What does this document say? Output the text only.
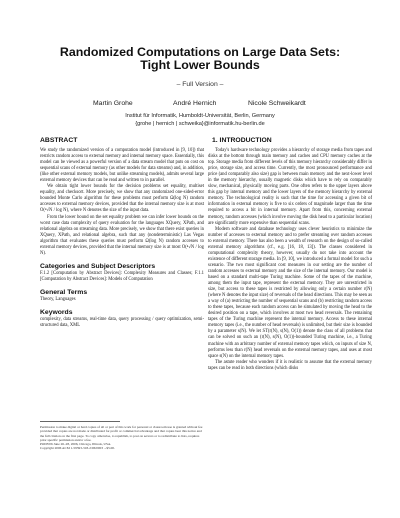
Randomized Computations on Large Data Sets:
Tight Lower Bounds
– Full Version –
Martin Grohe	André Hernich	Nicole Schweikardt
Institut für Informatik, Humboldt-Universität, Berlin, Germany
{grohe | hernich | schweika}@informatik.hu-berlin.de
ABSTRACT

We study the randomized version of a computation model (introduced in [9, 10]) that restricts random access to external memory and internal memory space. Essentially, this model can be viewed as a powerful version of a data stream model that puts on cost on sequential scans of external memory (as other models for data streams) and, in addition, (like other external memory models, but unlike streaming models), admits several large external memory devices that can be read and written to in parallel.

We obtain tight lower bounds for the decision problems set equality, multiset equality, and checksort. More precisely, we show that any randomized one-sided-error bounded Monte Carlo algorithm for these problems must perform Ω(log N) random accesses to external memory devices, provided that the internal memory size is at most O(⁴√N / log N), where N denotes the size of the input data.

From the lower bound on the set equality problem we can infer lower bounds on the worst case data complexity of query evaluation for the languages XQuery, XPath, and relational algebra on streaming data. More precisely, we show that there exist queries in XQuery, XPath, and relational algebra, such that any (nondeterministic) Las Vegas algorithm that evaluates these queries must perform Ω(log N) random accesses to external memory devices, provided that the internal memory size is at most O(⁴√N / log N).

Categories and Subject Descriptors

F.1.2 [Computation by Abstract Devices]: Complexity Measures and Classes; F.1.1 [Computation by Abstract Devices]: Models of Computation

General Terms

Theory, Languages

Keywords

complexity, data streams, real-time data, query processing / query optimization, semi-structured data, XML

Permission to make digital or hard copies of all or part of this work for personal or classroom use is granted without fee provided that copies are not made or distributed for profit or commercial advantage and that copies bear this notice and the full citation on the first page. To copy otherwise, to republish, to post on servers or to redistribute to lists, requires prior specific permission and/or a fee.

PODS'06 June 26–28, 2006, Chicago, Illinois, USA.

Copyright 2006 ACM 1-59593-318-2/06/0003 ...$5.00.

1. INTRODUCTION

Today's hardware technology provides a hierarchy of storage media from tapes and disks at the bottom through main memory and caches and CPU memory caches at the top. Storage media from different levels of this memory hierarchy considerably differ in price, storage size, and access time. Currently, the most pronounced performance and price (and comparably also size) gap is between main memory and the next-lower level in the memory hierarchy, usually magnetic disks which have to rely on comparably slow, mechanical, physically moving parts. One often refers to the upper layers above this gap by internal memory and the lower layers of the memory hierarchy by external memory. The technological reality is such that the time for accessing a given bit of information in external memory is five to six orders of magnitude larger than the time required to access a bit in internal memory. Apart from this, concerning external memory, random accesses (which involve moving the disk head to a particular location) are significantly more expensive than sequential scans.

Modern software and database technology uses clever heuristics to minimize the number of accesses to external memory and to prefer streaming over random accesses to external memory. There has also been a wealth of research on the design of so-called external memory algorithms (cf., e.g. [16, 18, 13]). The classes considered in computational complexity theory, however, usually do not take into account the existence of different storage media. In [9, 10], we introduced a formal model for such a scenario. The two most significant cost measures in our setting are the number of random accesses to external memory and the size of the internal memory. Our model is based on a standard multi-tape Turing machine. Some of the tapes of the machine, among them the input tape, represent the external memory. They are unrestricted in size, but access to these tapes is restricted by allowing only a certain number r(N) (where N denotes the input size) of reversals of the head directions. This may be seen as a way of (a) restricting the number of sequential scans and (b) restricting random access to these tapes, because each random access can be simulated by moving the head to the desired position on a tape, which involves at most two head reversals. The remaining tapes of the Turing machine represent the internal memory. Access to these internal memory tapes (i.e., the number of head reversals) is unlimited, but their size is bounded by a parameter s(N). We let ST(r(N), s(N), O(1)) denote the class of all problems that can be solved on such an (r(N), s(N), O(1))-bounded Turing machine, i.e., a Turing machine with an arbitrary number of external memory tapes which, on inputs of size N, performs less than r(N) head reversals on the external memory tapes, and uses at most space s(N) on the internal memory tapes.

The astute reader who wonders if it is realistic to assume that the external memory tapes can be read in both directions (which disks
